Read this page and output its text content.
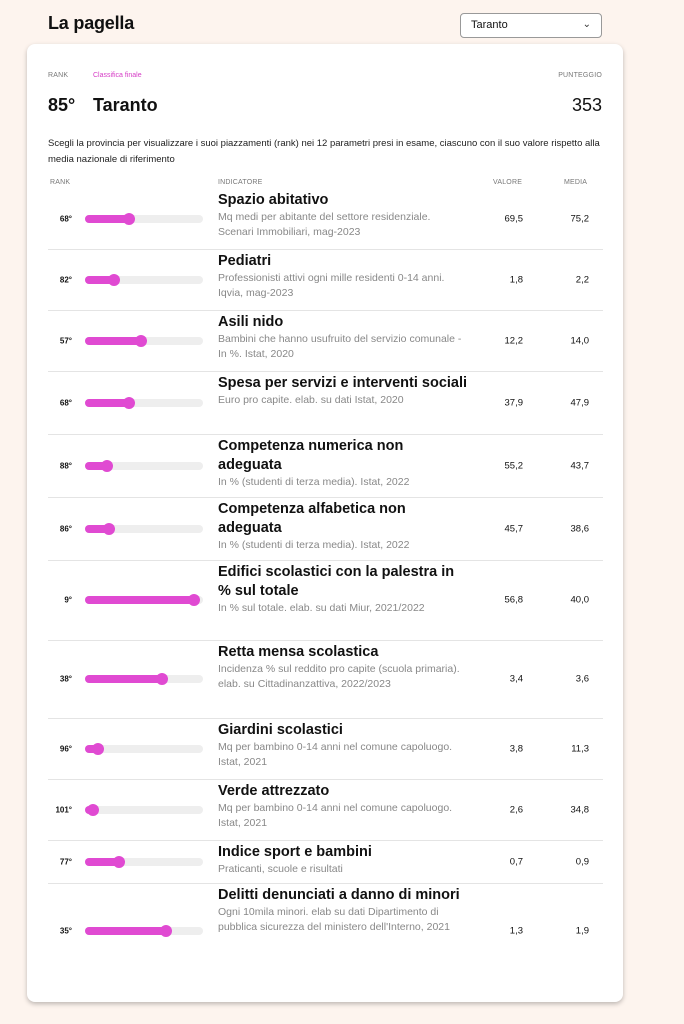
La pagella	Taranto	⌄
RANK	Classifica finale	PUNTEGGIO
85° Taranto	353
Scegli la provincia per visualizzare i suoi piazzamenti (rank) nei 12 parametri presi in esame, ciascuno con il suo valore rispetto alla media nazionale di riferimento
RANK	INDICATORE	VALORE	MEDIA
68°
Spazio abitativo
Mq medi per abitante del settore residenziale. Scenari Immobiliari, mag-2023
69,5	75,2
82°
Pediatri
Professionisti attivi ogni mille residenti 0-14 anni. Iqvia, mag-2023
1,8	2,2
57°
Asili nido
Bambini che hanno usufruito del servizio comunale - In %. Istat, 2020
12,2	14,0
68°
Spesa per servizi e interventi sociali
Euro pro capite. elab. su dati Istat, 2020	37,9	47,9
88°
Competenza numerica non adeguata
In % (studenti di terza media). Istat, 2022
55,2	43,7
86°
Competenza alfabetica non adeguata
In % (studenti di terza media). Istat, 2022
45,7	38,6
9°
Edifici scolastici con la palestra in % sul totale
In % sul totale. elab. su dati Miur, 2021/2022
56,8	40,0
38°
Retta mensa scolastica
Incidenza % sul reddito pro capite (scuola primaria). elab. su Cittadinanzattiva, 2022/2023	3,4	3,6
96°
Giardini scolastici
Mq per bambino 0-14 anni nel comune capoluogo. Istat, 2021
3,8	11,3
101°
Verde attrezzato
Mq per bambino 0-14 anni nel comune capoluogo. Istat, 2021
2,6	34,8
77°
Indice sport e bambini
Praticanti, scuole e risultati
0,7	0,9
35°
Delitti denunciati a danno di minori
Ogni 10mila minori. elab su dati Dipartimento di pubblica sicurezza del ministero dell'Interno, 2021	1,3	1,9
